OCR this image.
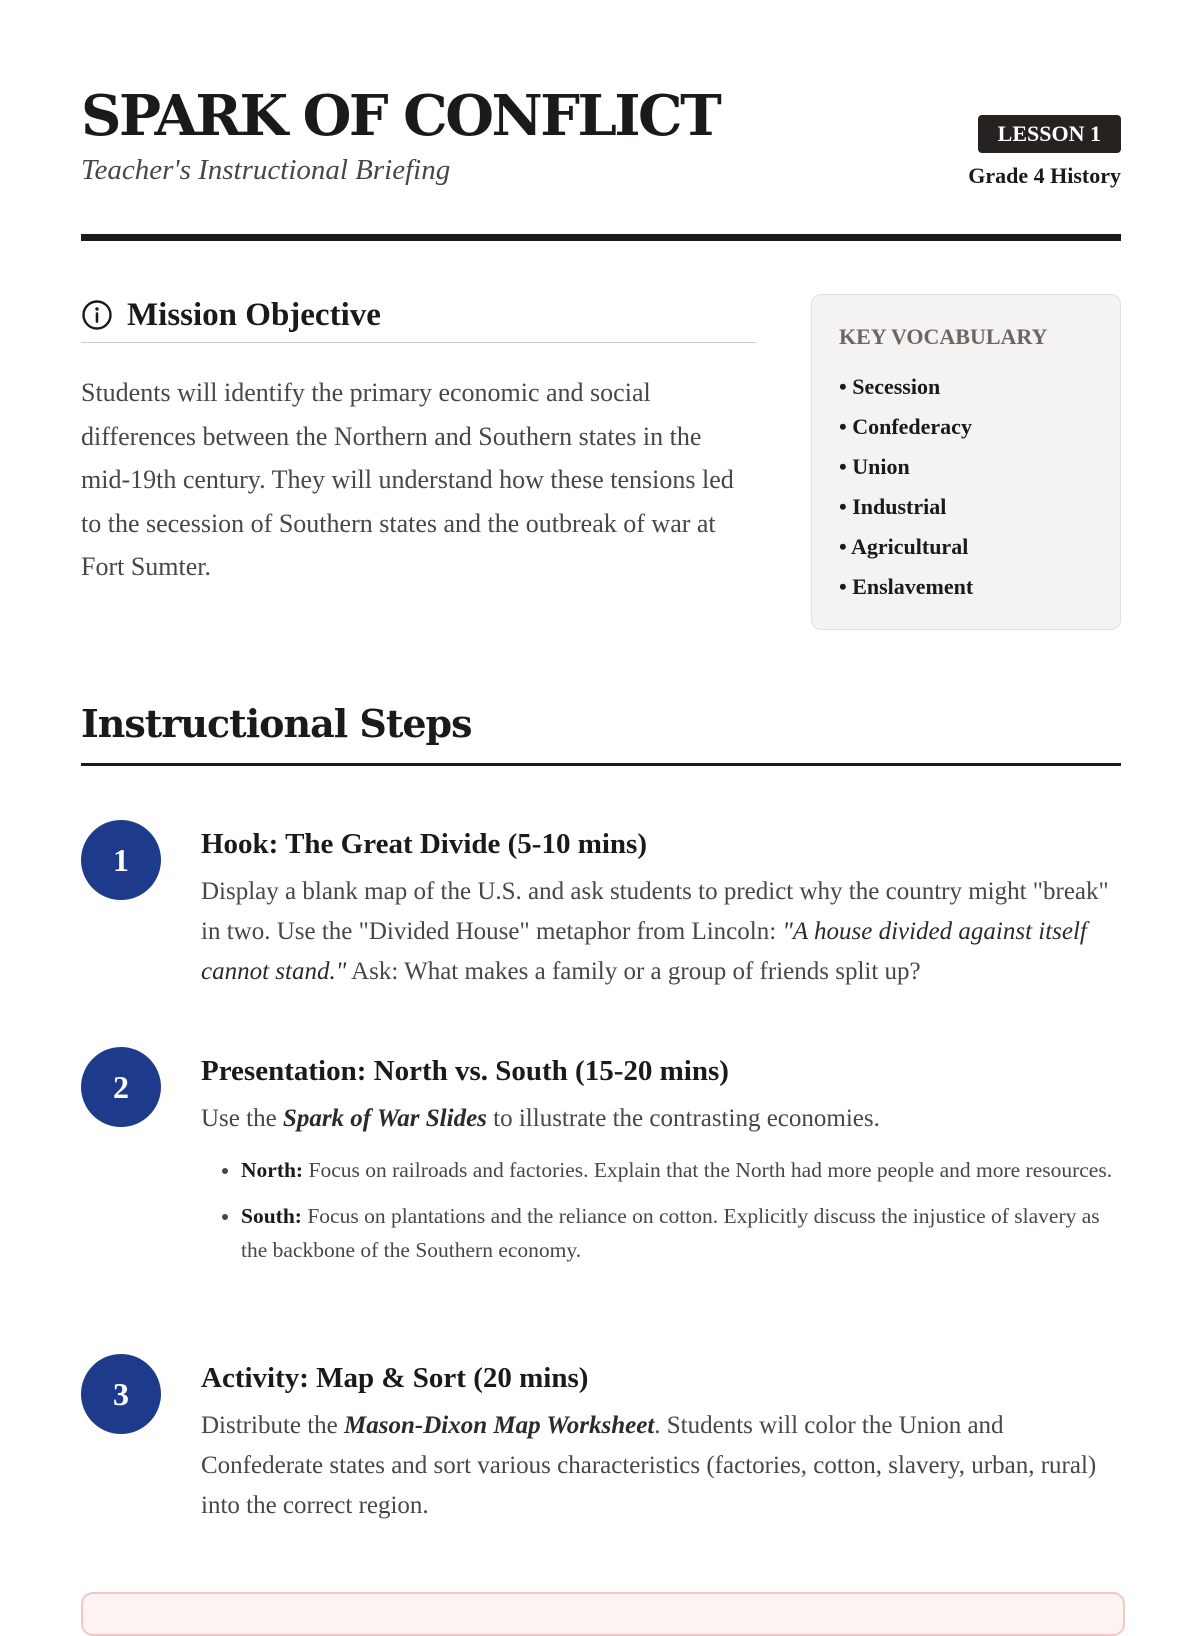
SPARK OF CONFLICT
Teacher's Instructional Briefing
LESSON 1
Grade 4 History
Mission Objective
Students will identify the primary economic and social differences between the Northern and Southern states in the mid-19th century. They will understand how these tensions led to the secession of Southern states and the outbreak of war at Fort Sumter.
KEY VOCABULARY
• Secession
• Confederacy
• Union
• Industrial
• Agricultural
• Enslavement
Instructional Steps
1	Hook: The Great Divide (5-10 mins)
Display a blank map of the U.S. and ask students to predict why the country might "break" in two. Use the "Divided House" metaphor from Lincoln: "A house divided against itself cannot stand." Ask: What makes a family or a group of friends split up?
2	Presentation: North vs. South (15-20 mins)
Use the Spark of War Slides to illustrate the contrasting economies.
• North: Focus on railroads and factories. Explain that the North had more people and more resources.
• South: Focus on plantations and the reliance on cotton. Explicitly discuss the injustice of slavery as the backbone of the Southern economy.
3	Activity: Map & Sort (20 mins)
Distribute the Mason-Dixon Map Worksheet. Students will color the Union and Confederate states and sort various characteristics (factories, cotton, slavery, urban, rural) into the correct region.
